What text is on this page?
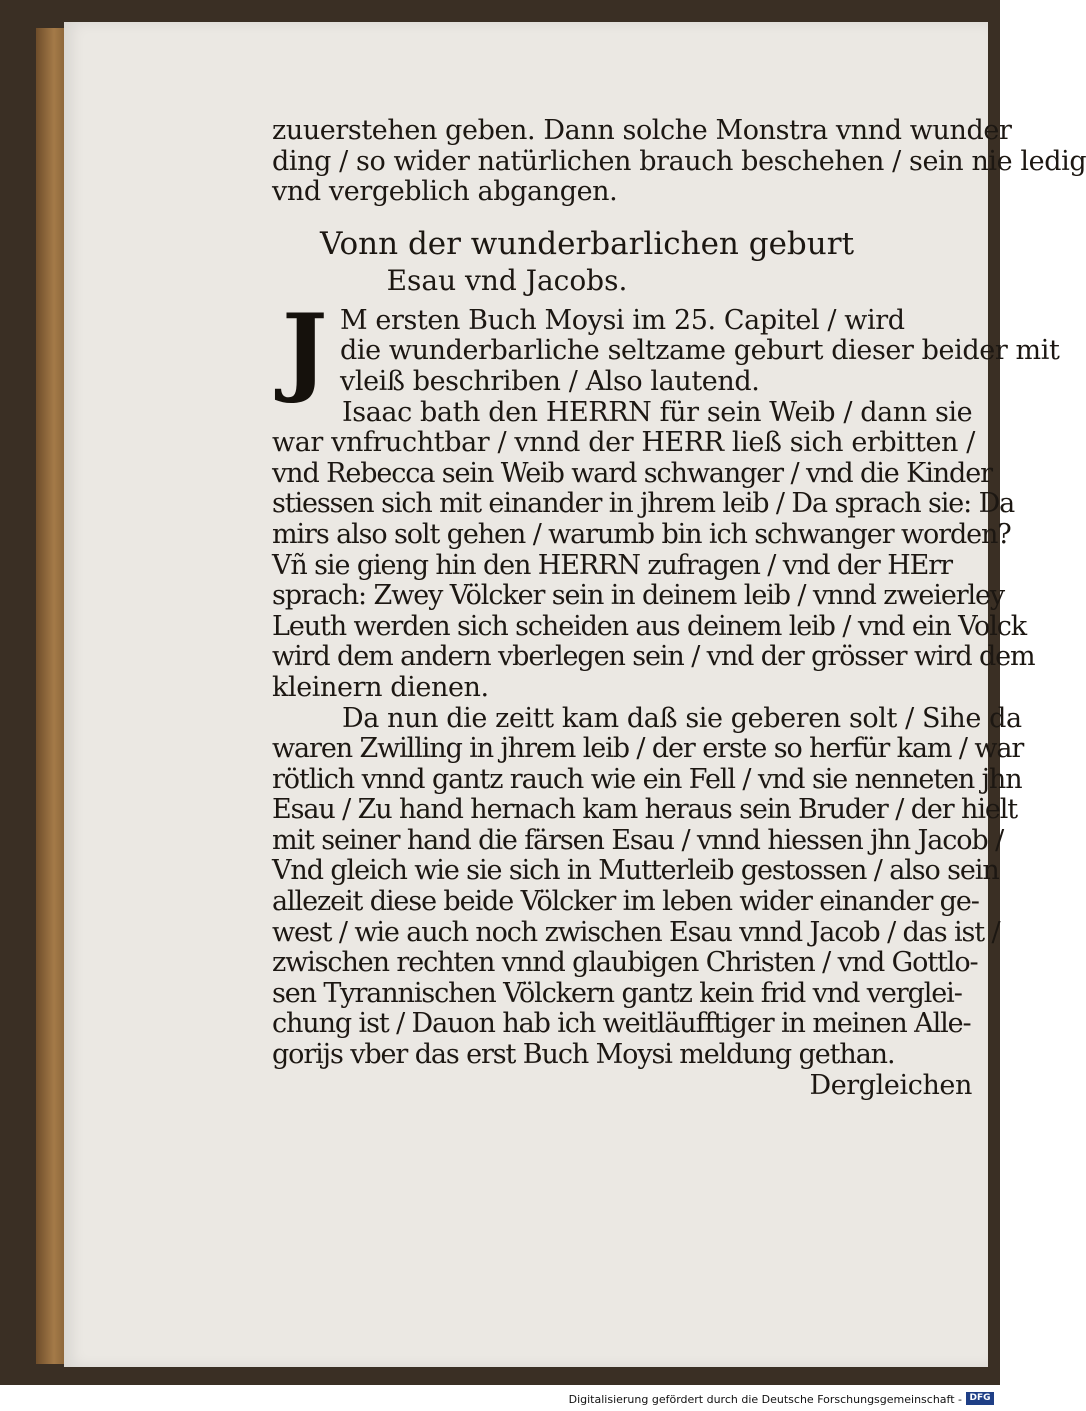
zuuerstehen geben. Dann solche Monstra vnnd wunder
ding / so wider natürlichen brauch beschehen / sein nie ledig
vnd vergeblich abgangen.
Vonn der wunderbarlichen geburt
Esau vnd Jacobs.
J M ersten Buch Moysi im 25. Capitel / wird
die wunderbarliche seltzame geburt dieser beider mit
vleiß beschriben / Also lautend.
Isaac bath den HERRN für sein Weib / dann sie
war vnfruchtbar / vnnd der HERR ließ sich erbitten /
vnd Rebecca sein Weib ward schwanger / vnd die Kinder
stiessen sich mit einander in jhrem leib / Da sprach sie: Da
mirs also solt gehen / warumb bin ich schwanger worden?
Vñ sie gieng hin den HERRN zufragen / vnd der HErr
sprach: Zwey Völcker sein in deinem leib / vnnd zweierley
Leuth werden sich scheiden aus deinem leib / vnd ein Volck
wird dem andern vberlegen sein / vnd der grösser wird dem
kleinern dienen.
Da nun die zeitt kam daß sie geberen solt / Sihe da
waren Zwilling in jhrem leib / der erste so herfür kam / war
rötlich vnnd gantz rauch wie ein Fell / vnd sie nenneten jhn
Esau / Zu hand hernach kam heraus sein Bruder / der hielt
mit seiner hand die färsen Esau / vnnd hiessen jhn Jacob /
Vnd gleich wie sie sich in Mutterleib gestossen / also sein
allezeit diese beide Völcker im leben wider einander ge-
west / wie auch noch zwischen Esau vnnd Jacob / das ist /
zwischen rechten vnnd glaubigen Christen / vnd Gottlo-
sen Tyrannischen Völckern gantz kein frid vnd verglei-
chung ist / Dauon hab ich weitläufftiger in meinen Alle-
gorijs vber das erst Buch Moysi meldung gethan.
Dergleichen
Digitalisierung gefördert durch die Deutsche Forschungsgemeinschaft - DFG
